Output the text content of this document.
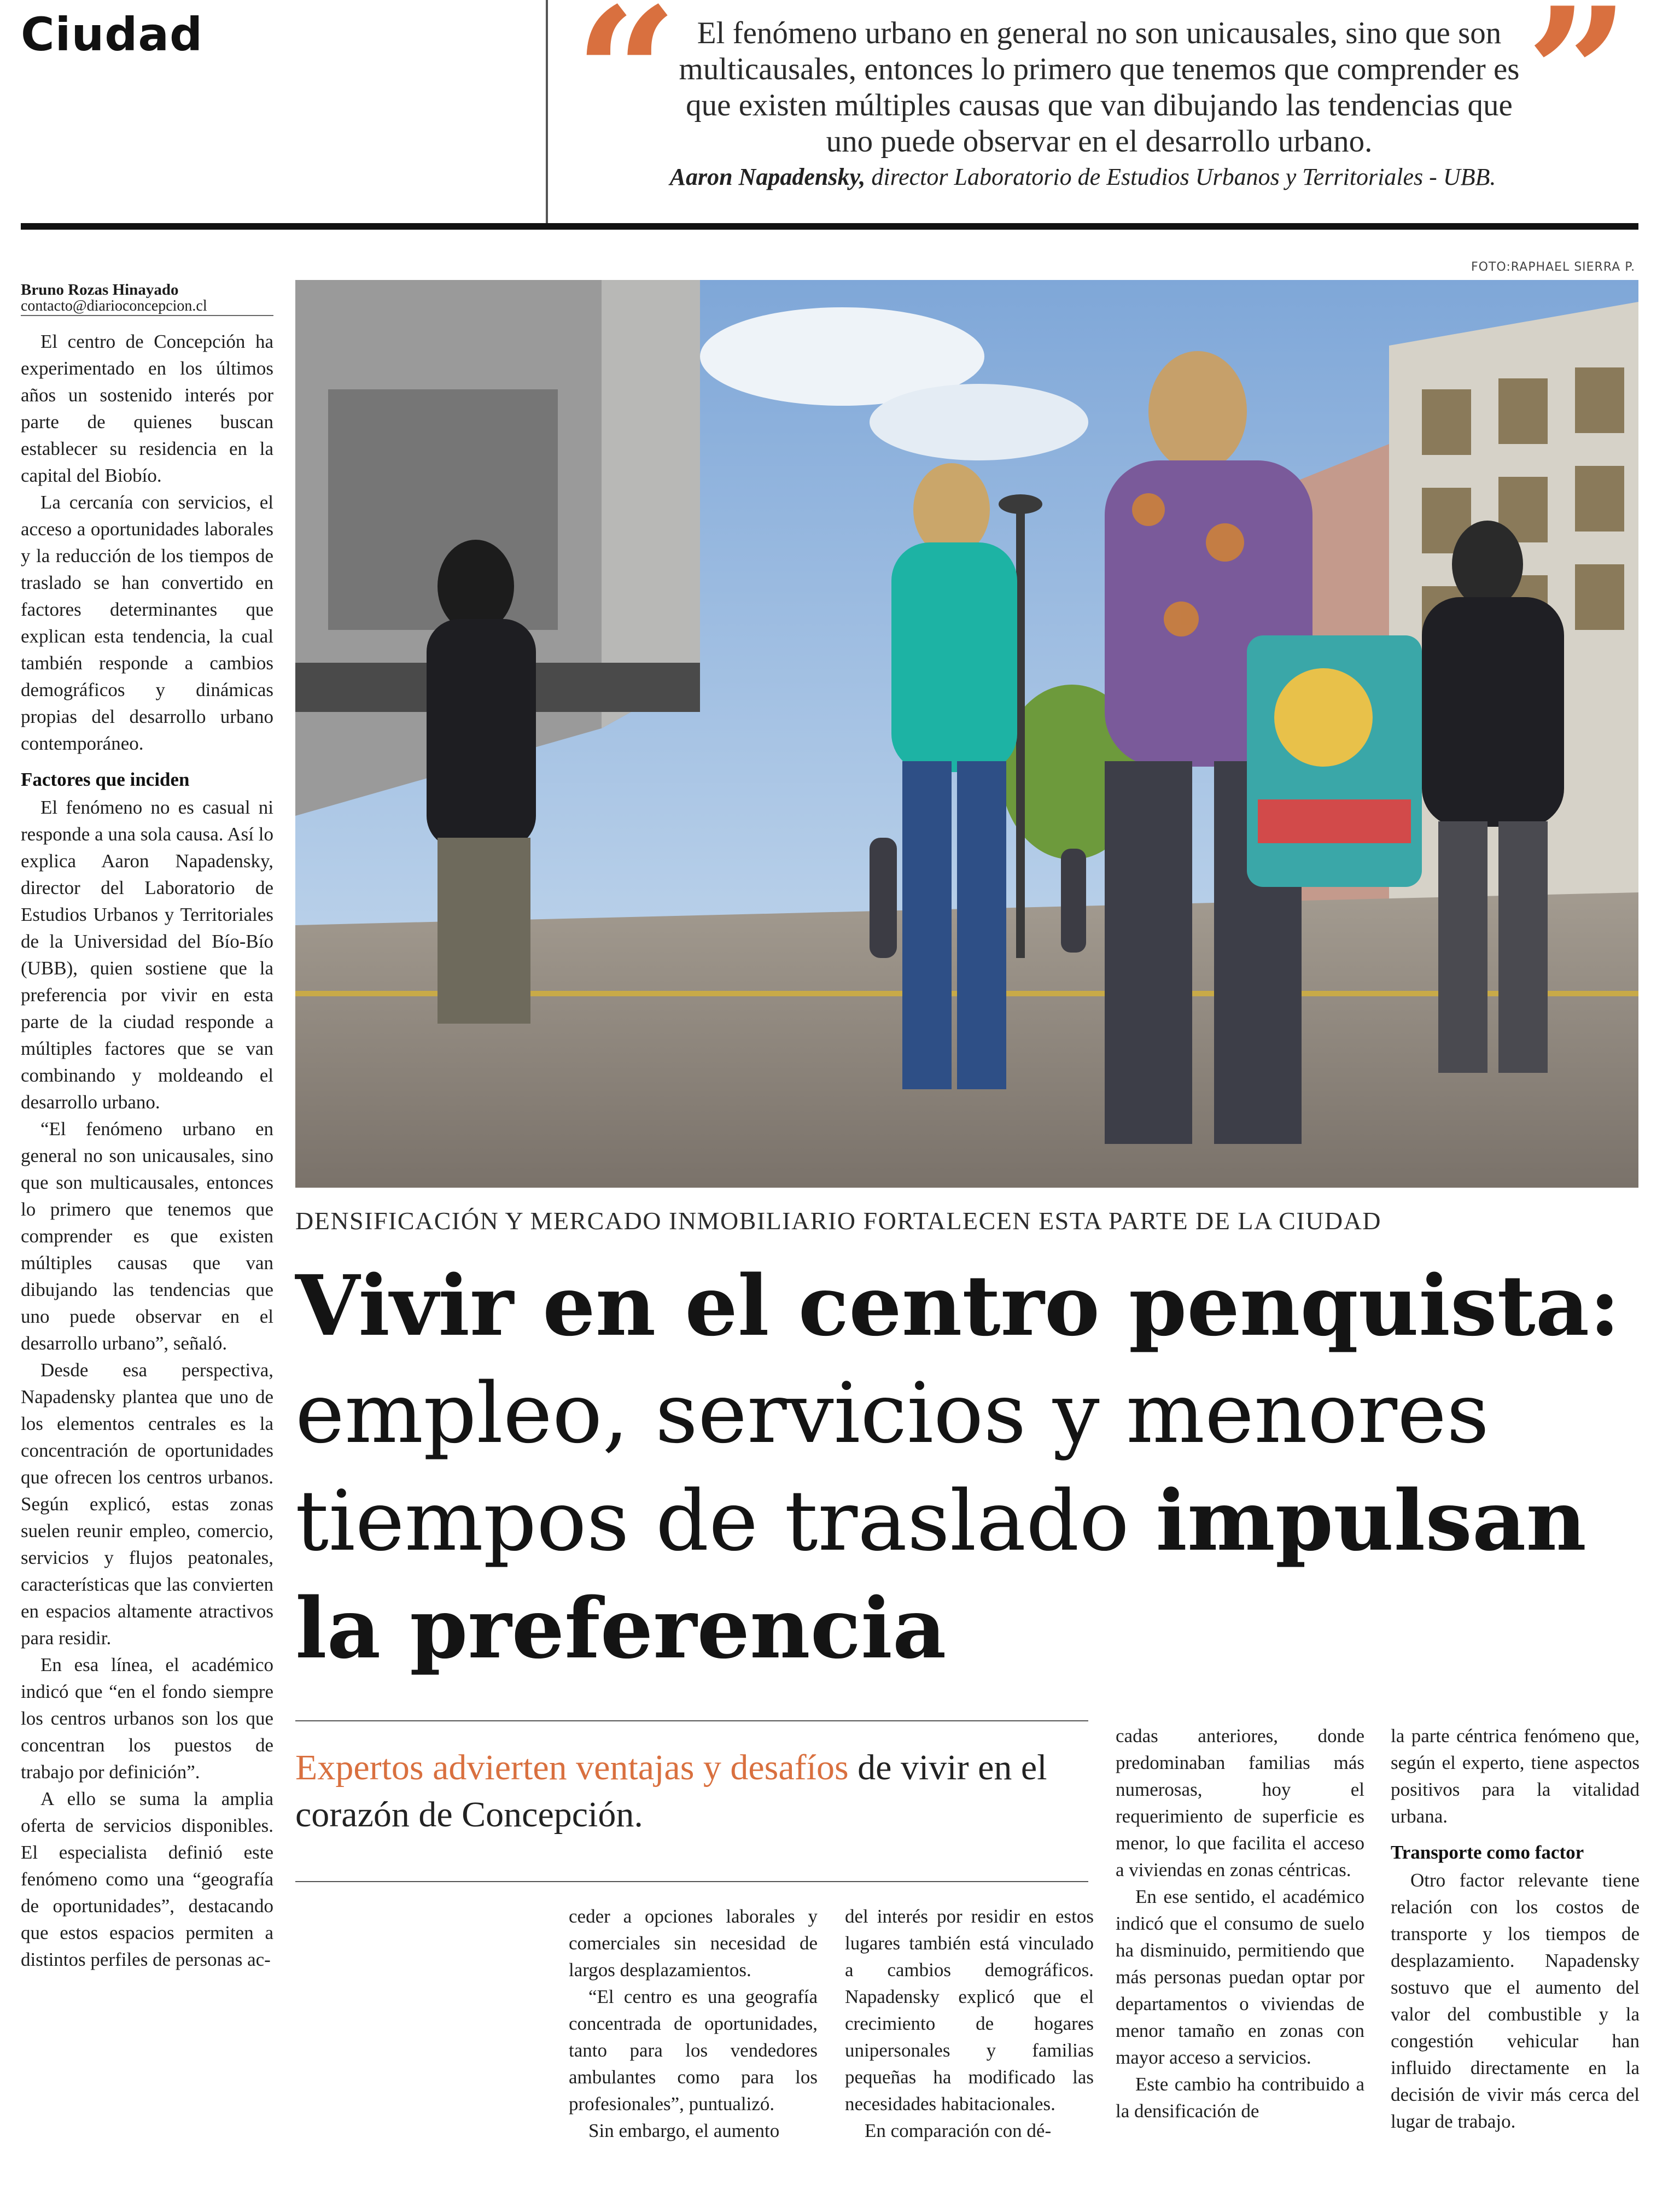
Ciudad “	”
El fenómeno urbano en general no son unicausales, sino que son multicausales, entonces lo primero que tenemos que comprender es que existen múltiples causas que van dibujando las tendencias que uno puede observar en el desarrollo urbano.
Aaron Napadensky, director Laboratorio de Estudios Urbanos y Territoriales - UBB.
Bruno Rozas Hinayado
contacto@diarioconcepcion.cl

El centro de Concepción ha experimentado en los últimos años un sostenido interés por parte de quienes buscan establecer su residencia en la capital del Biobío.

La cercanía con servicios, el acceso a oportunidades laborales y la reducción de los tiempos de traslado se han convertido en factores determinantes que explican esta tendencia, la cual también responde a cambios demográficos y dinámicas propias del desarrollo urbano contemporáneo.

Factores que inciden

El fenómeno no es casual ni responde a una sola causa. Así lo explica Aaron Napadensky, director del Laboratorio de Estudios Urbanos y Territoriales de la Universidad del Bío-Bío (UBB), quien sostiene que la preferencia por vivir en esta parte de la ciudad responde a múltiples factores que se van combinando y moldeando el desarrollo urbano.

“El fenómeno urbano en general no son unicausales, sino que son multicausales, entonces lo primero que tenemos que comprender es que existen múltiples causas que van dibujando las tendencias que uno puede observar en el desarrollo urbano”, señaló.

Desde esa perspectiva, Napadensky plantea que uno de los elementos centrales es la concentración de oportunidades que ofrecen los centros urbanos. Según explicó, estas zonas suelen reunir empleo, comercio, servicios y flujos peatonales, características que las convierten en espacios altamente atractivos para residir.

En esa línea, el académico indicó que “en el fondo siempre los centros urbanos son los que concentran los puestos de trabajo por definición”.

A ello se suma la amplia oferta de servicios disponibles. El especialista definió este fenómeno como una “geografía de oportunidades”, destacando que estos espacios permiten a distintos perfiles de personas ac-

FOTO:RAPHAEL SIERRA P.
DENSIFICACIÓN Y MERCADO INMOBILIARIO FORTALECEN ESTA PARTE DE LA CIUDAD
Vivir en el centro penquista: empleo, servicios y menores tiempos de traslado impulsan la preferencia
Expertos advierten ventajas y desafíos de vivir en el corazón de Concepción.

ceder a opciones laborales y comerciales sin necesidad de largos desplazamientos.

“El centro es una geografía concentrada de oportunidades, tanto para los vendedores ambulantes como para los profesionales”, puntualizó.

Sin embargo, el aumento

del interés por residir en estos lugares también está vinculado a cambios demográficos. Napadensky explicó que el crecimiento de hogares unipersonales y familias pequeñas ha modificado las necesidades habitacionales.

En comparación con dé-

cadas anteriores, donde predominaban familias más numerosas, hoy el requerimiento de superficie es menor, lo que facilita el acceso a viviendas en zonas céntricas.

En ese sentido, el académico indicó que el consumo de suelo ha disminuido, permitiendo que más personas puedan optar por departamentos o viviendas de menor tamaño en zonas con mayor acceso a servicios.

Este cambio ha contribuido a la densificación de

la parte céntrica fenómeno que, según el experto, tiene aspectos positivos para la vitalidad urbana.

Transporte como factor

Otro factor relevante tiene relación con los costos de transporte y los tiempos de desplazamiento. Napadensky sostuvo que el aumento del valor del combustible y la congestión vehicular han influido directamente en la decisión de vivir más cerca del lugar de trabajo.
